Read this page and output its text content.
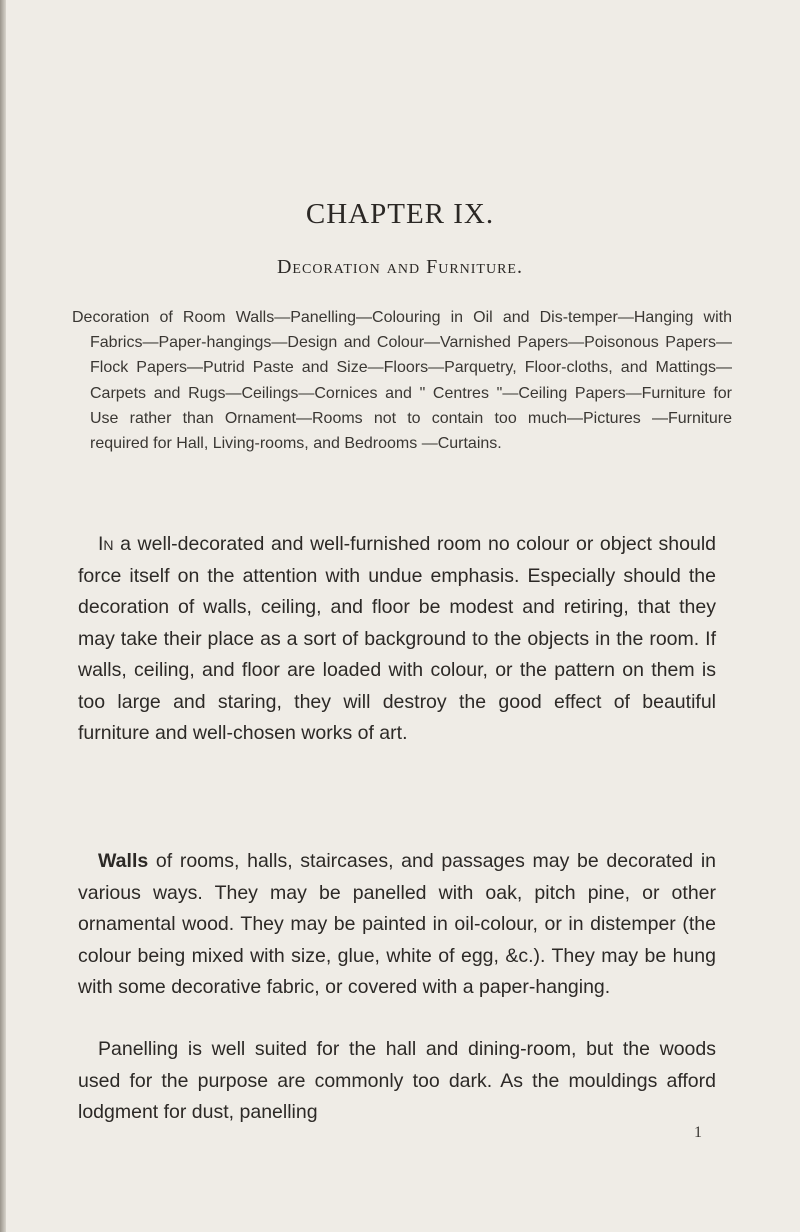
CHAPTER IX.
Decoration and Furniture.
Decoration of Room Walls—Panelling—Colouring in Oil and Dis-temper—Hanging with Fabrics—Paper-hangings—Design and Colour—Varnished Papers—Poisonous Papers—Flock Papers—Putrid Paste and Size—Floors—Parquetry, Floor-cloths, and Mattings—Carpets and Rugs—Ceilings—Cornices and " Centres "—Ceiling Papers—Furniture for Use rather than Ornament—Rooms not to contain too much—Pictures —Furniture required for Hall, Living-rooms, and Bedrooms —Curtains.
In a well-decorated and well-furnished room no colour or object should force itself on the attention with undue emphasis. Especially should the decoration of walls, ceiling, and floor be modest and retiring, that they may take their place as a sort of background to the objects in the room. If walls, ceiling, and floor are loaded with colour, or the pattern on them is too large and staring, they will destroy the good effect of beautiful furniture and well-chosen works of art.
Walls of rooms, halls, staircases, and passages may be decorated in various ways. They may be panelled with oak, pitch pine, or other ornamental wood. They may be painted in oil-colour, or in distemper (the colour being mixed with size, glue, white of egg, &c.). They may be hung with some decorative fabric, or covered with a paper-hanging.
Panelling is well suited for the hall and dining-room, but the woods used for the purpose are commonly too dark. As the mouldings afford lodgment for dust, panelling
1
